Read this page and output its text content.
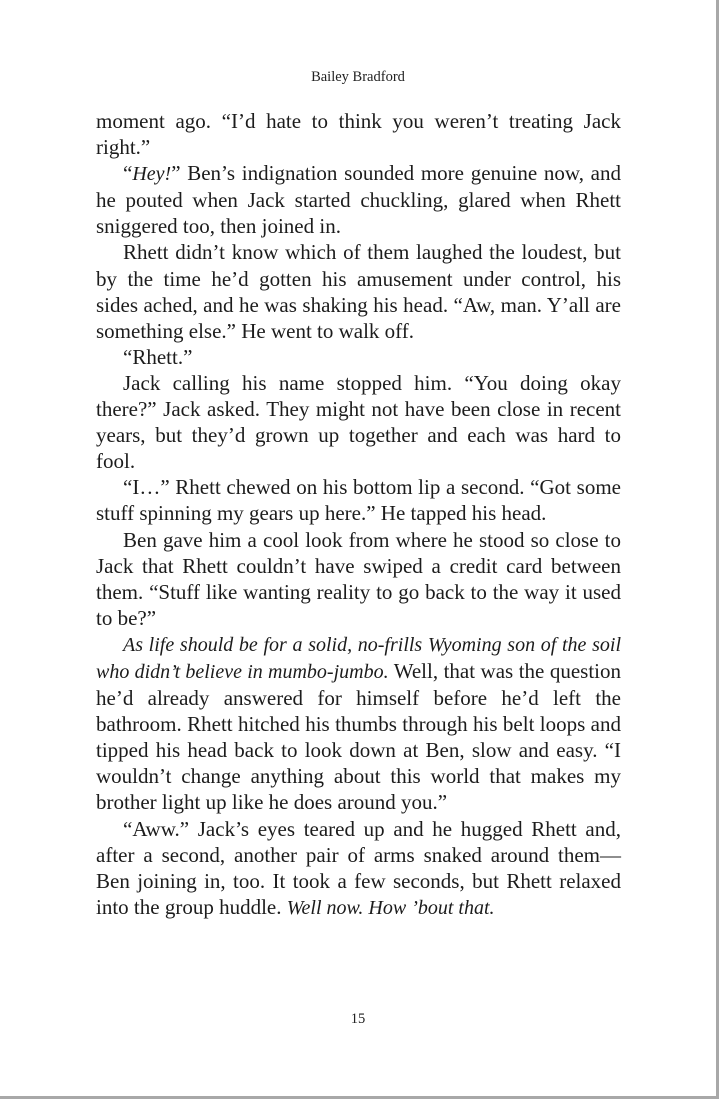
Bailey Bradford

moment ago. “I’d hate to think you weren’t treating Jack right.”

“Hey!” Ben’s indignation sounded more genuine now, and he pouted when Jack started chuckling, glared when Rhett sniggered too, then joined in.

Rhett didn’t know which of them laughed the loudest, but by the time he’d gotten his amusement under control, his sides ached, and he was shaking his head. “Aw, man. Y’all are something else.” He went to walk off.

“Rhett.”

Jack calling his name stopped him. “You doing okay there?” Jack asked. They might not have been close in recent years, but they’d grown up together and each was hard to fool.

“I…” Rhett chewed on his bottom lip a second. “Got some stuff spinning my gears up here.” He tapped his head.

Ben gave him a cool look from where he stood so close to Jack that Rhett couldn’t have swiped a credit card between them. “Stuff like wanting reality to go back to the way it used to be?”

As life should be for a solid, no-frills Wyoming son of the soil who didn’t believe in mumbo-jumbo. Well, that was the question he’d already answered for himself before he’d left the bathroom. Rhett hitched his thumbs through his belt loops and tipped his head back to look down at Ben, slow and easy. “I wouldn’t change anything about this world that makes my brother light up like he does around you.”

“Aww.” Jack’s eyes teared up and he hugged Rhett and, after a second, another pair of arms snaked around them—Ben joining in, too. It took a few seconds, but Rhett relaxed into the group huddle. Well now. How ’bout that.

15
